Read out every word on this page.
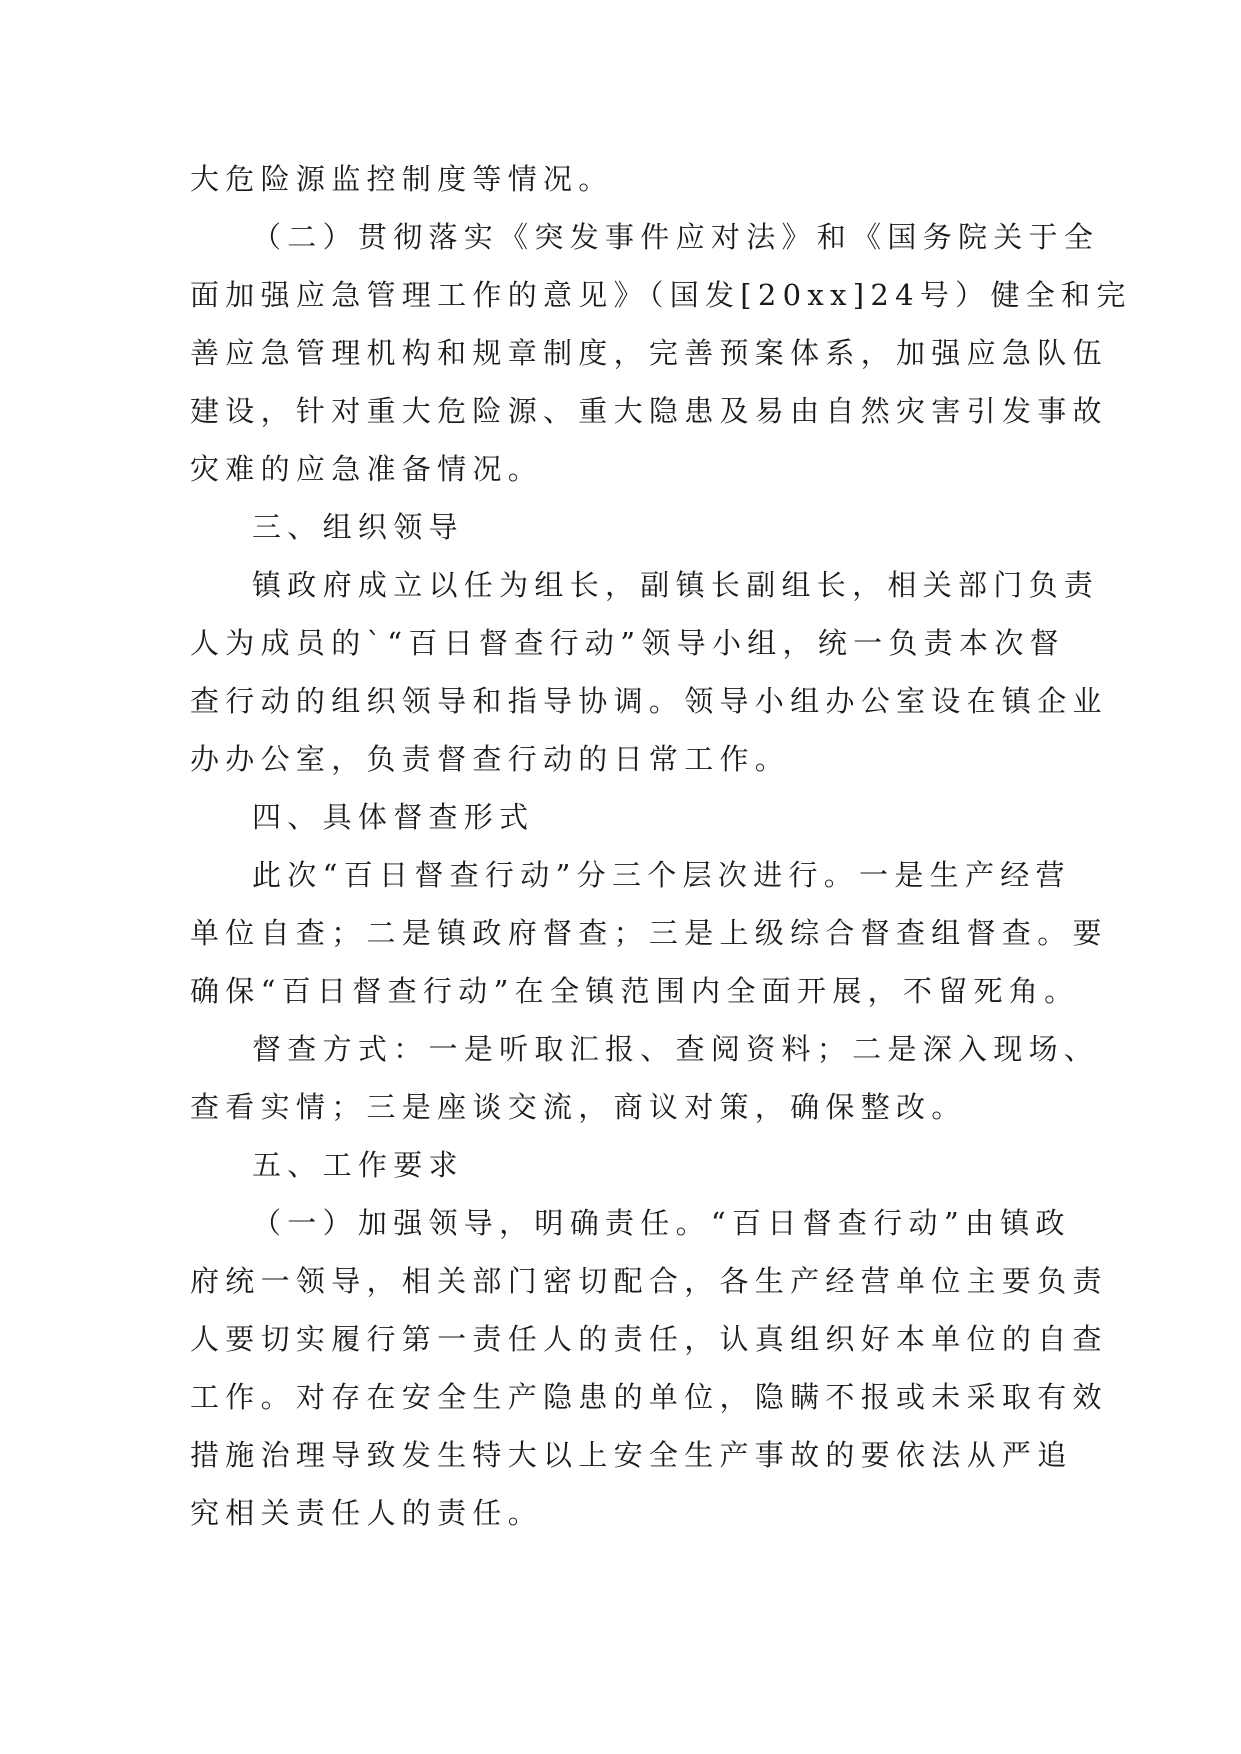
大危险源监控制度等情况。
（二）贯彻落实《突发事件应对法》和《国务院关于全
面加强应急管理工作的意见》（国发[20xx]24号）健全和完
善应急管理机构和规章制度，完善预案体系，加强应急队伍
建设，针对重大危险源、重大隐患及易由自然灾害引发事故
灾难的应急准备情况。
三、组织领导
镇政府成立以任为组长，副镇长副组长，相关部门负责
人为成员的`“百日督查行动”领导小组，统一负责本次督
查行动的组织领导和指导协调。领导小组办公室设在镇企业
办办公室，负责督查行动的日常工作。
四、具体督查形式
此次“百日督查行动”分三个层次进行。一是生产经营
单位自查；二是镇政府督查；三是上级综合督查组督查。要
确保“百日督查行动”在全镇范围内全面开展，不留死角。
督查方式：一是听取汇报、查阅资料；二是深入现场、
查看实情；三是座谈交流，商议对策，确保整改。
五、工作要求
（一）加强领导，明确责任。“百日督查行动”由镇政
府统一领导，相关部门密切配合，各生产经营单位主要负责
人要切实履行第一责任人的责任，认真组织好本单位的自查
工作。对存在安全生产隐患的单位，隐瞒不报或未采取有效
措施治理导致发生特大以上安全生产事故的要依法从严追
究相关责任人的责任。
